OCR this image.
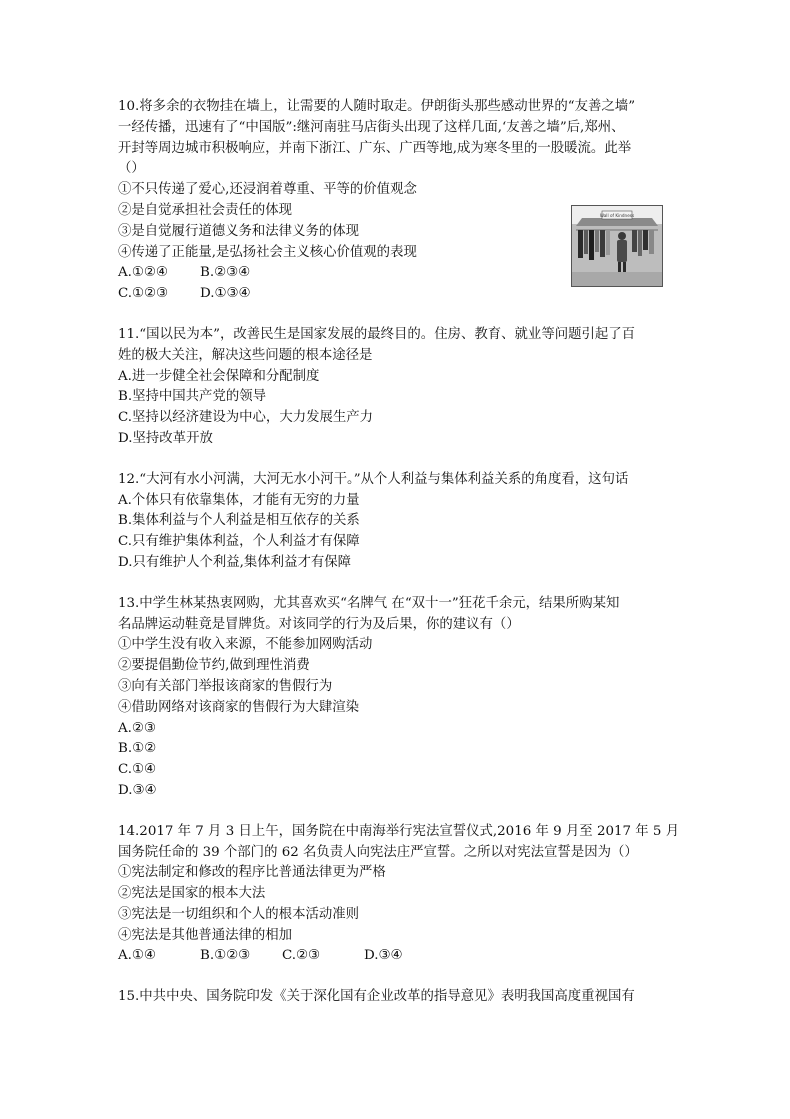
10.将多余的衣物挂在墙上，让需要的人随时取走。伊朗街头那些感动世界的“友善之墙”
一经传播，迅速有了“中国版”:继河南驻马店街头出现了这样几面,‘友善之墙”后,郑州、
开封等周边城市积极响应，并南下浙江、广东、广西等地,成为寒冬里的一股暖流。此举
（）
①不只传递了爱心,还浸润着尊重、平等的价值观念
②是自觉承担社会责任的体现
③是自觉履行道德义务和法律义务的体现
④传递了正能量,是弘扬社会主义核心价值观的表现
A.①②④ B.②③④
C.①②③ D.①③④
11.“国以民为本”，改善民生是国家发展的最终目的。住房、教育、就业等问题引起了百
姓的极大关注，解决这些问题的根本途径是
A.进一步健全社会保障和分配制度
B.坚持中国共产党的领导
C.坚持以经济建设为中心，大力发展生产力
D.坚持改革开放
12.“大河有水小河满，大河无水小河干。”从个人利益与集体利益关系的角度看，这句话
A.个体只有依靠集体，才能有无穷的力量
B.集体利益与个人利益是相互依存的关系
C.只有维护集体利益，个人利益才有保障
D.只有维护人个利益,集体利益才有保障
13.中学生林某热衷网购，尤其喜欢买“名牌气 在“双十一”狂花千余元，结果所购某知
名品牌运动鞋竟是冒牌货。对该同学的行为及后果，你的建议有（）
①中学生没有收入来源，不能参加网购活动
②要提倡勤俭节约,做到理性消费
③向有关部门举报该商家的售假行为
④借助网络对该商家的售假行为大肆渲染
A.②③
B.①②
C.①④
D.③④
14.2017 年 7 月 3 日上午，国务院在中南海举行宪法宣誓仪式,2016 年 9 月至 2017 年 5 月
国务院任命的 39 个部门的 62 名负责人向宪法庄严宣誓。之所以对宪法宣誓是因为（）
①宪法制定和修改的程序比普通法律更为严格
②宪法是国家的根本大法
③宪法是一切组织和个人的根本活动准则
④宪法是其他普通法律的相加
A.①④	B.①②③ C.②③	D.③④
15.中共中央、国务院印发《关于深化国有企业改革的指导意见》表明我国高度重视国有
Wall of Kindness
